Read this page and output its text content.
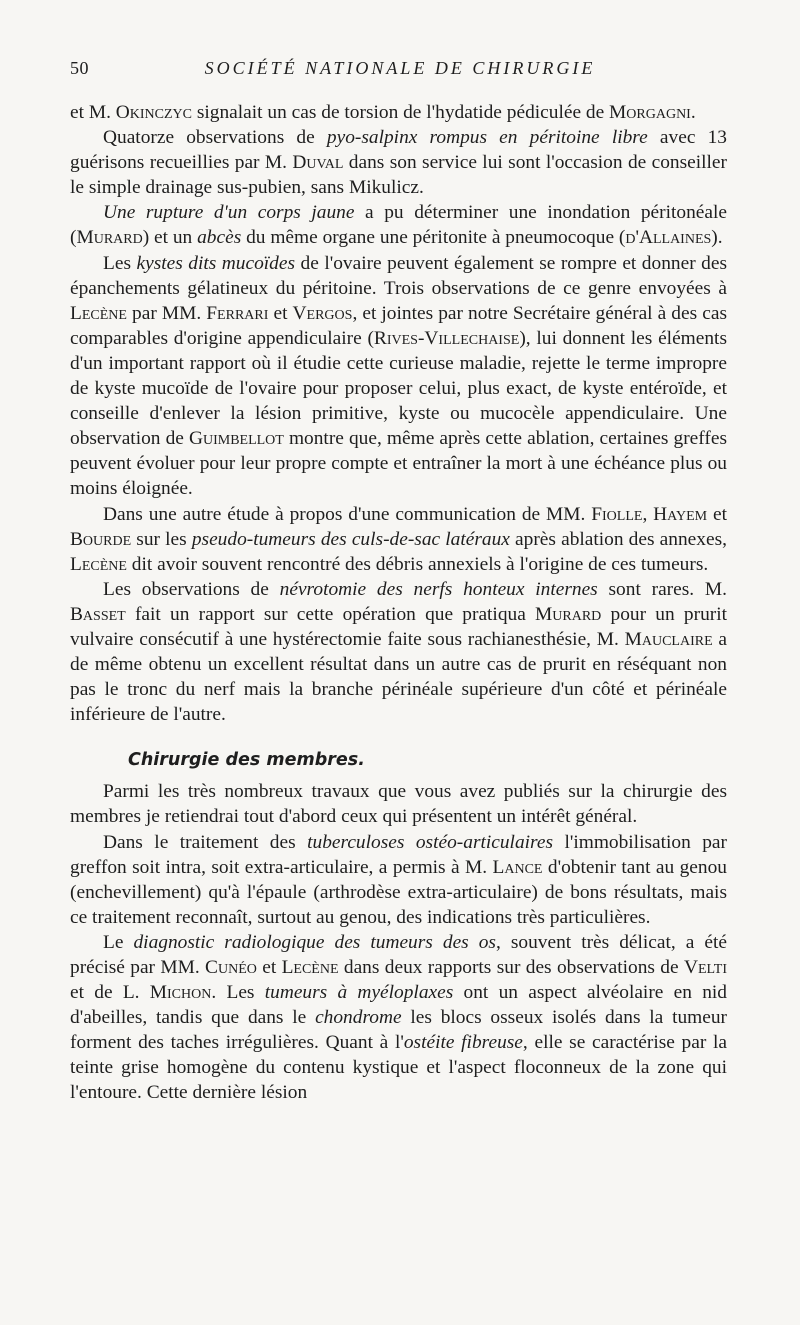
50	SOCIÉTÉ NATIONALE DE CHIRURGIE

et M. Okinczyc signalait un cas de torsion de l'hydatide pédiculée de Morgagni.

Quatorze observations de pyo-salpinx rompus en péritoine libre avec 13 guérisons recueillies par M. Duval dans son service lui sont l'occasion de conseiller le simple drainage sus-pubien, sans Mikulicz.

Une rupture d'un corps jaune a pu déterminer une inondation péritonéale (Murard) et un abcès du même organe une péritonite à pneumocoque (d'Allaines).

Les kystes dits mucoïdes de l'ovaire peuvent également se rompre et donner des épanchements gélatineux du péritoine. Trois observations de ce genre envoyées à Lecène par MM. Ferrari et Vergos, et jointes par notre Secrétaire général à des cas comparables d'origine appendiculaire (Rives-Villechaise), lui donnent les éléments d'un important rapport où il étudie cette curieuse maladie, rejette le terme impropre de kyste mucoïde de l'ovaire pour proposer celui, plus exact, de kyste entéroïde, et conseille d'enlever la lésion primitive, kyste ou mucocèle appendiculaire. Une observation de Guimbellot montre que, même après cette ablation, certaines greffes peuvent évoluer pour leur propre compte et entraîner la mort à une échéance plus ou moins éloignée.

Dans une autre étude à propos d'une communication de MM. Fiolle, Hayem et Bourde sur les pseudo-tumeurs des culs-de-sac latéraux après ablation des annexes, Lecène dit avoir souvent rencontré des débris annexiels à l'origine de ces tumeurs.

Les observations de névrotomie des nerfs honteux internes sont rares. M. Basset fait un rapport sur cette opération que pratiqua Murard pour un prurit vulvaire consécutif à une hystérectomie faite sous rachianesthésie, M. Mauclaire a de même obtenu un excellent résultat dans un autre cas de prurit en réséquant non pas le tronc du nerf mais la branche périnéale supérieure d'un côté et périnéale inférieure de l'autre.

Chirurgie des membres.

Parmi les très nombreux travaux que vous avez publiés sur la chirurgie des membres je retiendrai tout d'abord ceux qui présentent un intérêt général.

Dans le traitement des tuberculoses ostéo-articulaires l'immobilisation par greffon soit intra, soit extra-articulaire, a permis à M. Lance d'obtenir tant au genou (enchevillement) qu'à l'épaule (arthrodèse extra-articulaire) de bons résultats, mais ce traitement reconnaît, surtout au genou, des indications très particulières.

Le diagnostic radiologique des tumeurs des os, souvent très délicat, a été précisé par MM. Cunéo et Lecène dans deux rapports sur des observations de Velti et de L. Michon. Les tumeurs à myéloplaxes ont un aspect alvéolaire en nid d'abeilles, tandis que dans le chondrome les blocs osseux isolés dans la tumeur forment des taches irrégulières. Quant à l'ostéite fibreuse, elle se caractérise par la teinte grise homogène du contenu kystique et l'aspect floconneux de la zone qui l'entoure. Cette dernière lésion
